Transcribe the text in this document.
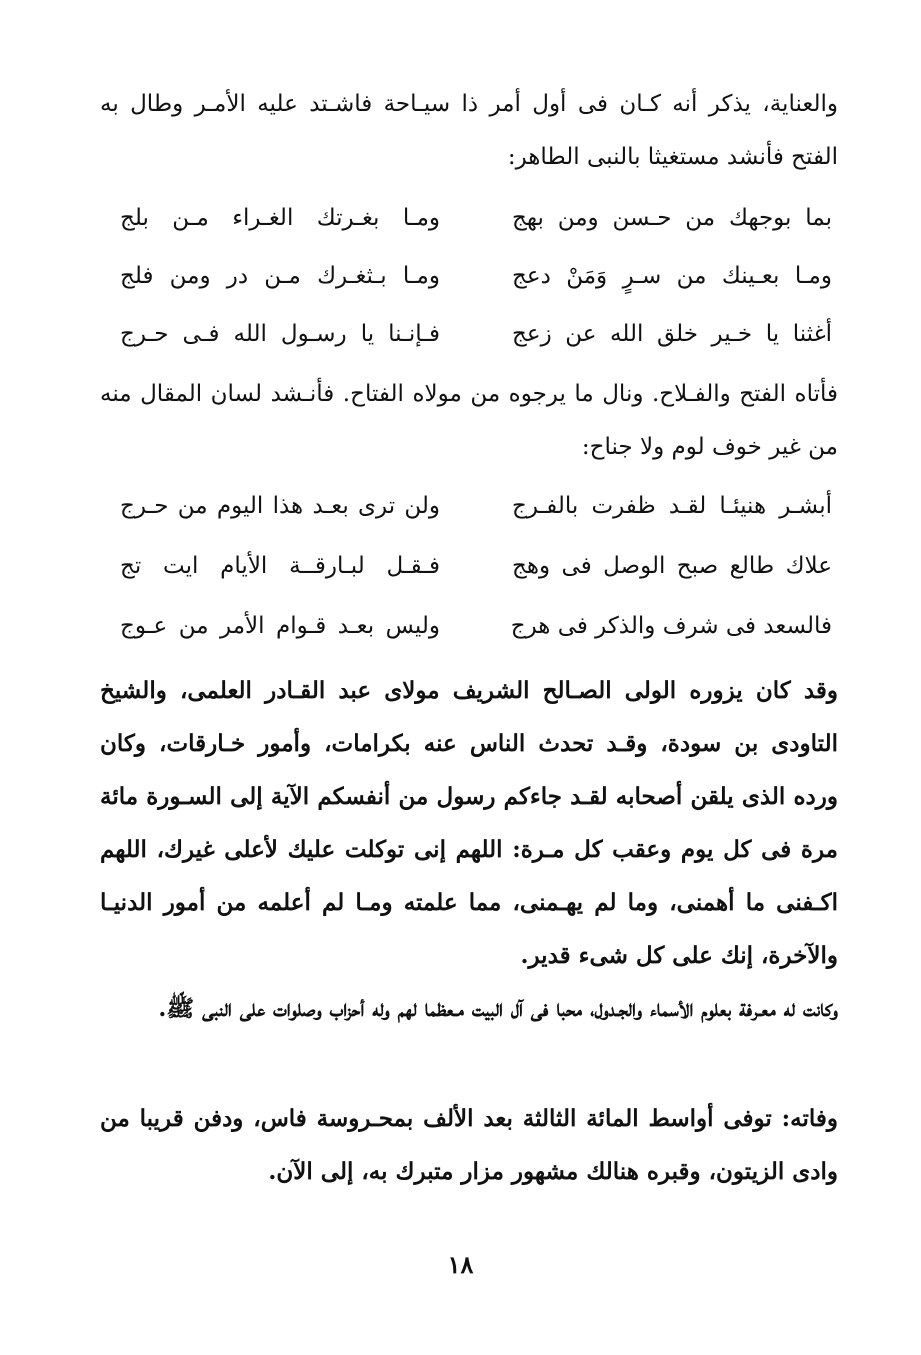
والعناية، يذكر أنه كـان فى أول أمر ذا سيـاحة فاشـتد عليه الأمـر وطال به الفتح فأنشد مستغيثا بالنبى الطاهر:

بما بوجهك من حـسن ومن بهج
ومـا بغـرتك الغـراء مـن بلج
ومـا بعـينك من سـرٍ وَمَنْ دعج
ومـا بـثغـرك مـن در ومن فلج
أغثنا يا خـير خلق الله عن زعج
فـإنـنا يا رسـول الله فـى حـرج

فأتاه الفتح والفـلاح. ونال ما يرجوه من مولاه الفتاح. فأنـشد لسان المقال منه من غير خوف لوم ولا جناح:

أبشـر هنيئـا لقـد ظفرت بالفـرج
ولن ترى بعـد هذا اليوم من حـرج
علاك طالع صبح الوصل فى وهج
فـقـل لبـارقــة الأيام ايت تج
فالسعد فى شرف والذكر فى هرج
وليس بعـد قـوام الأمر من عـوج

وقد كان يزوره الولى الصـالح الشريف مولاى عبد القـادر العلمى، والشيخ التاودى بن سودة، وقـد تحدث الناس عنه بكرامات، وأمور خـارقات، وكان ورده الذى يلقن أصحابه لقـد جاءكم رسول من أنفسكم الآية إلى السـورة مائة مرة فى كل يوم وعقب كل مـرة: اللهم إنى توكلت عليك لأعلى غيرك، اللهم اكـفنى ما أهمنى، وما لم يهـمنى، مما علمته ومـا لم أعلمه من أمور الدنيـا والآخرة، إنك على كل شىء قدير.

وكانت له معـرفة بعلوم الأسماء والجـدول، محبا فى آل البيت مـعظما لهم وله أحزاب وصلوات على النبى ﷺ.

وفاته: توفى أواسط المائة الثالثة بعد الألف بمحـروسة فاس، ودفن قريبا من وادى الزيتون، وقبره هنالك مشهور مزار متبرك به، إلى الآن.

١٨
